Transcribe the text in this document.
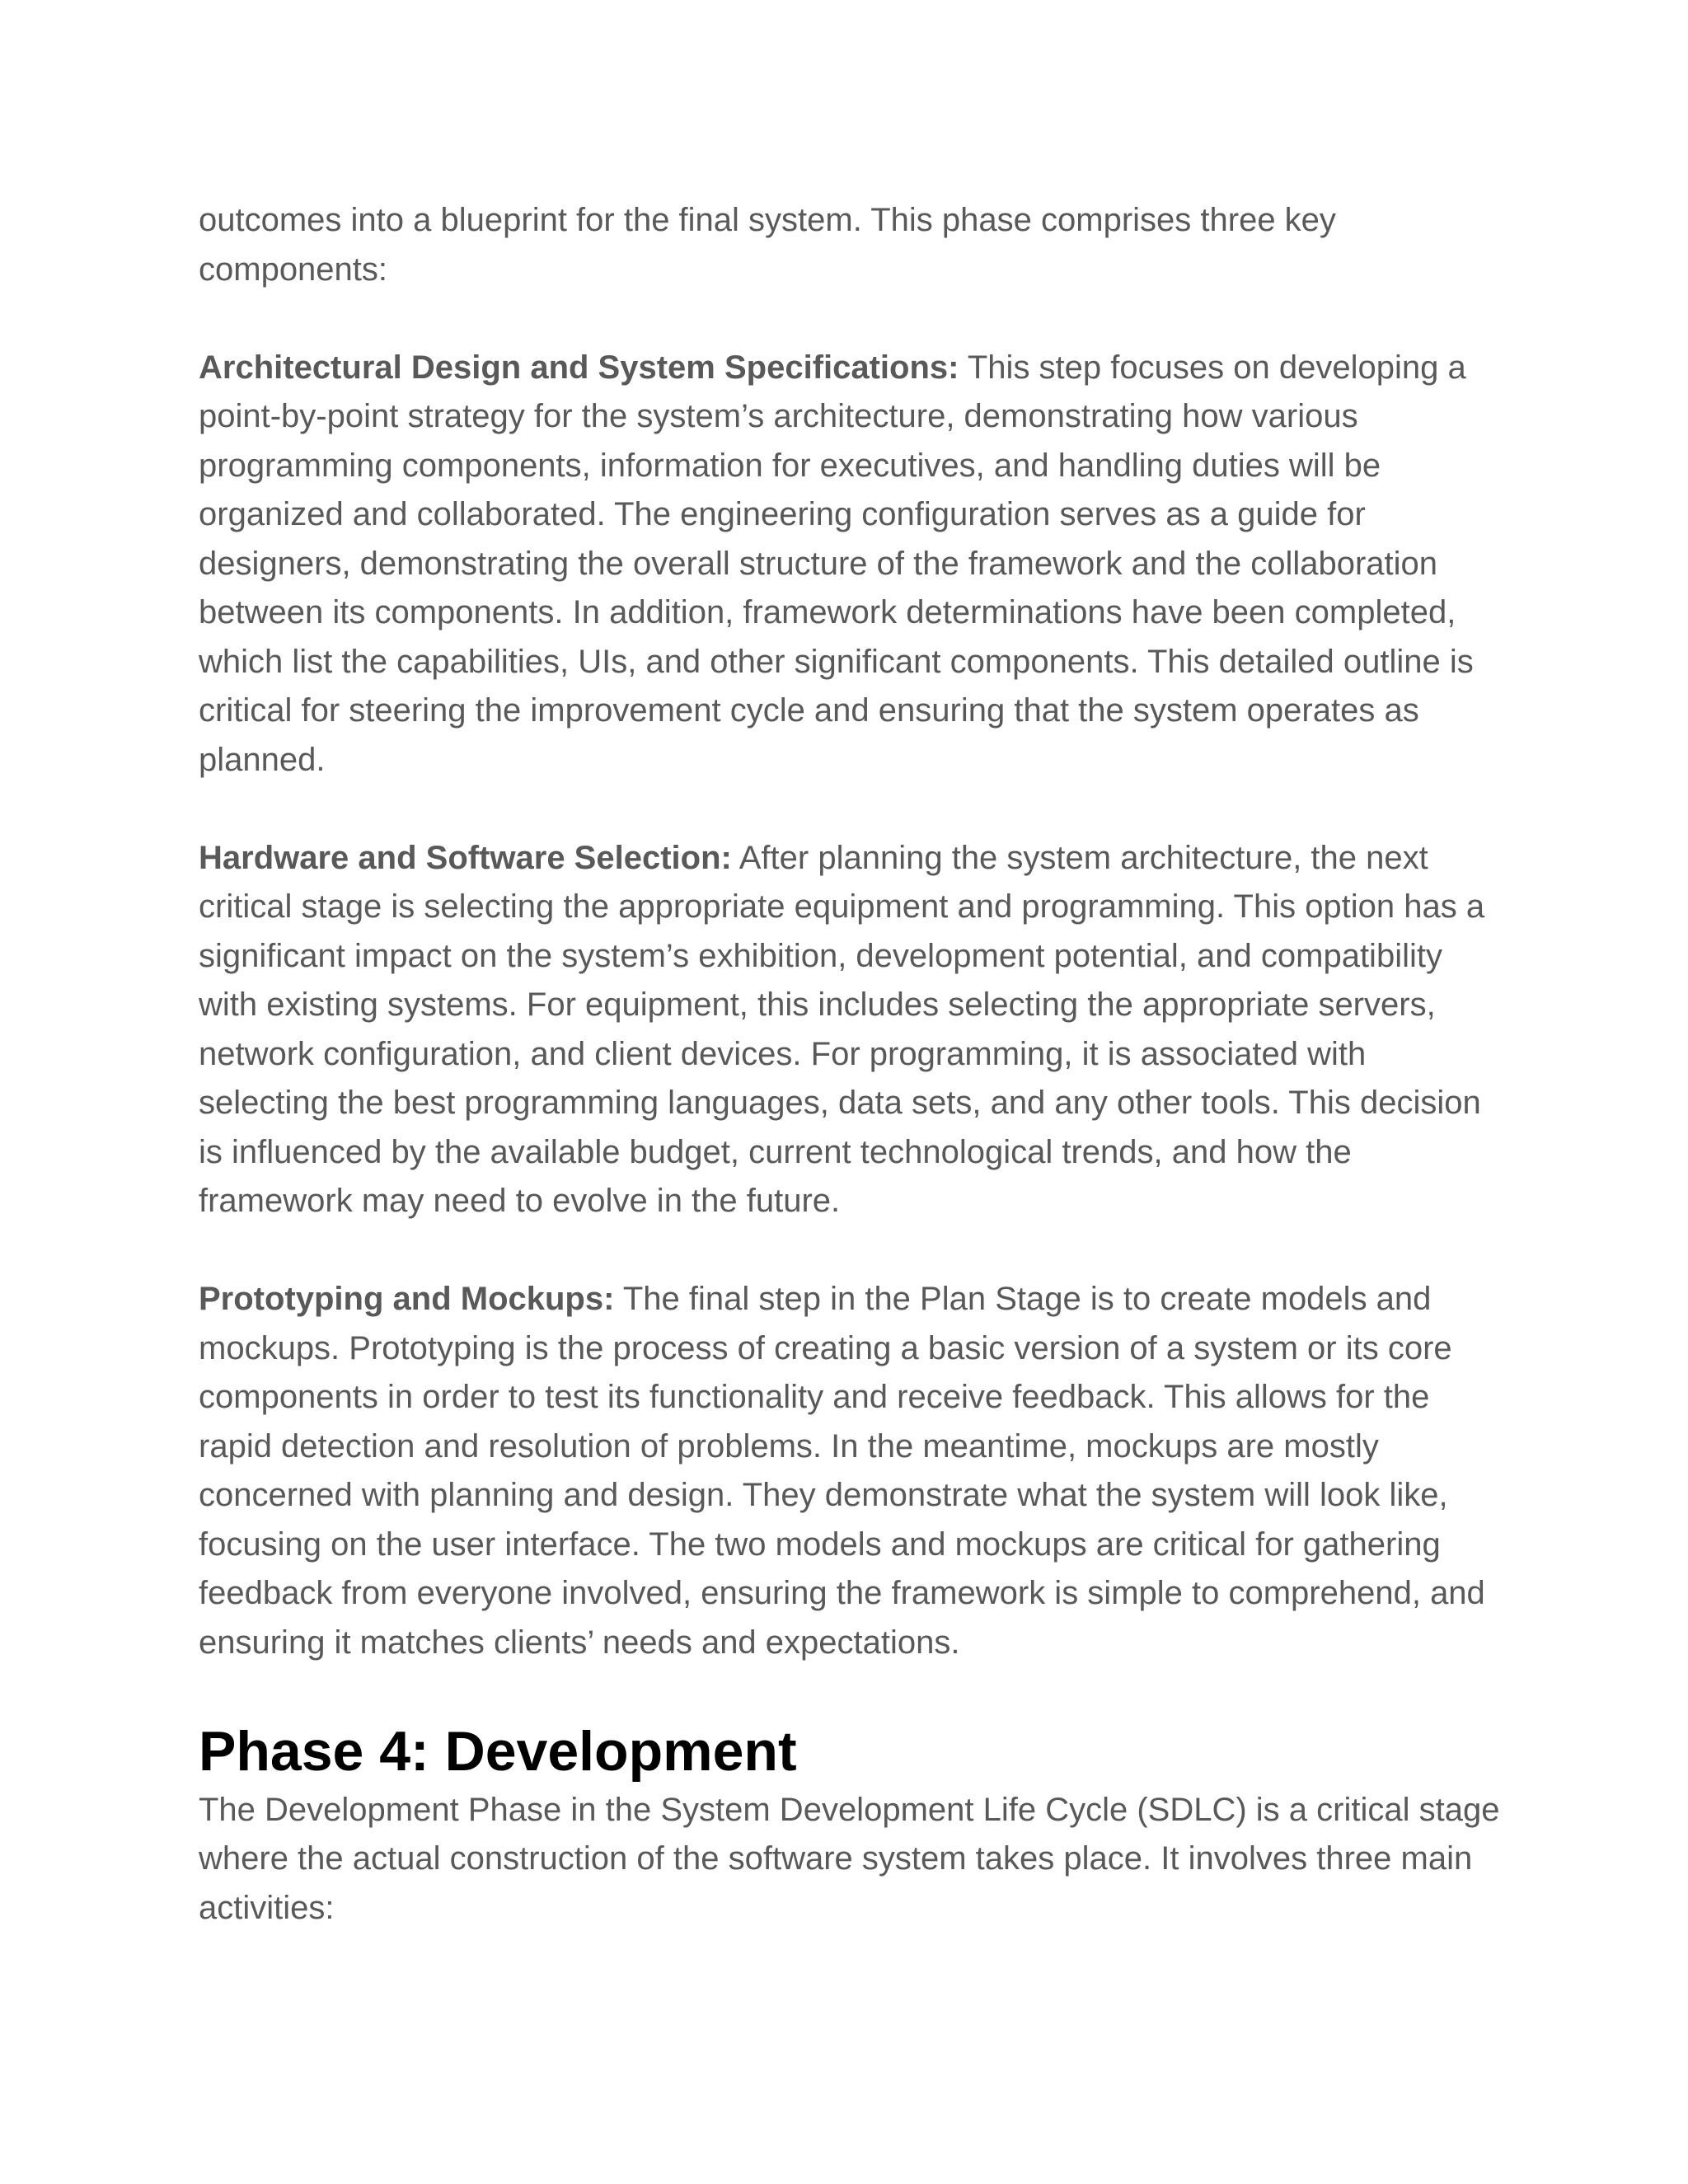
outcomes into a blueprint for the final system. This phase comprises three key components:

Architectural Design and System Specifications: This step focuses on developing a point-by-point strategy for the system’s architecture, demonstrating how various programming components, information for executives, and handling duties will be organized and collaborated. The engineering configuration serves as a guide for designers, demonstrating the overall structure of the framework and the collaboration between its components. In addition, framework determinations have been completed, which list the capabilities, UIs, and other significant components. This detailed outline is critical for steering the improvement cycle and ensuring that the system operates as planned.

Hardware and Software Selection: After planning the system architecture, the next critical stage is selecting the appropriate equipment and programming. This option has a significant impact on the system’s exhibition, development potential, and compatibility with existing systems. For equipment, this includes selecting the appropriate servers, network configuration, and client devices. For programming, it is associated with selecting the best programming languages, data sets, and any other tools. This decision is influenced by the available budget, current technological trends, and how the framework may need to evolve in the future.

Prototyping and Mockups: The final step in the Plan Stage is to create models and mockups. Prototyping is the process of creating a basic version of a system or its core components in order to test its functionality and receive feedback. This allows for the rapid detection and resolution of problems. In the meantime, mockups are mostly concerned with planning and design. They demonstrate what the system will look like, focusing on the user interface. The two models and mockups are critical for gathering feedback from everyone involved, ensuring the framework is simple to comprehend, and ensuring it matches clients’ needs and expectations.

Phase 4: Development

The Development Phase in the System Development Life Cycle (SDLC) is a critical stage where the actual construction of the software system takes place. It involves three main activities:
